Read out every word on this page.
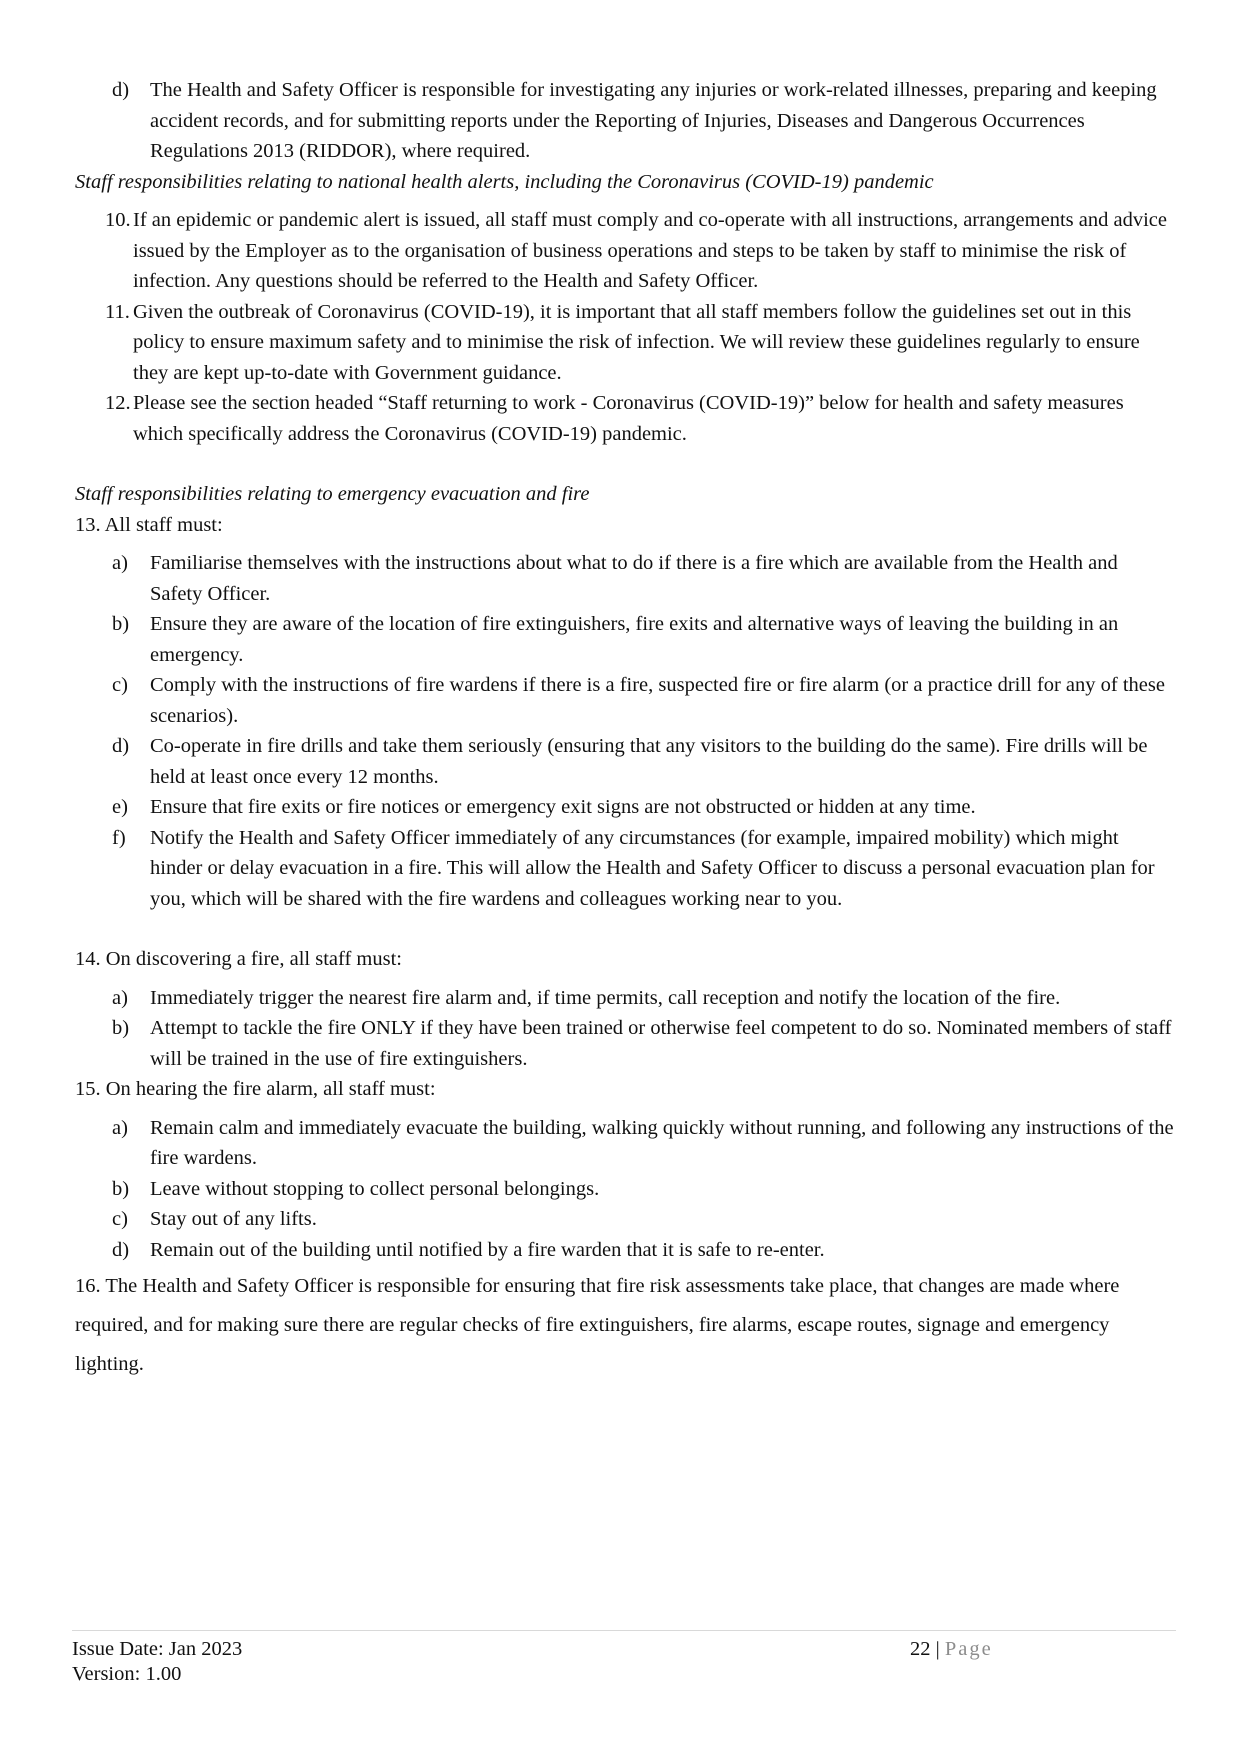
d) The Health and Safety Officer is responsible for investigating any injuries or work-related illnesses, preparing and keeping accident records, and for submitting reports under the Reporting of Injuries, Diseases and Dangerous Occurrences Regulations 2013 (RIDDOR), where required.

Staff responsibilities relating to national health alerts, including the Coronavirus (COVID-19) pandemic

10. If an epidemic or pandemic alert is issued, all staff must comply and co-operate with all instructions, arrangements and advice issued by the Employer as to the organisation of business operations and steps to be taken by staff to minimise the risk of infection. Any questions should be referred to the Health and Safety Officer.
11. Given the outbreak of Coronavirus (COVID-19), it is important that all staff members follow the guidelines set out in this policy to ensure maximum safety and to minimise the risk of infection. We will review these guidelines regularly to ensure they are kept up-to-date with Government guidance.
12. Please see the section headed “Staff returning to work - Coronavirus (COVID-19)” below for health and safety measures which specifically address the Coronavirus (COVID-19) pandemic.

Staff responsibilities relating to emergency evacuation and fire

13. All staff must:

a) Familiarise themselves with the instructions about what to do if there is a fire which are available from the Health and Safety Officer.
b) Ensure they are aware of the location of fire extinguishers, fire exits and alternative ways of leaving the building in an emergency.
c) Comply with the instructions of fire wardens if there is a fire, suspected fire or fire alarm (or a practice drill for any of these scenarios).
d) Co-operate in fire drills and take them seriously (ensuring that any visitors to the building do the same). Fire drills will be held at least once every 12 months.
e) Ensure that fire exits or fire notices or emergency exit signs are not obstructed or hidden at any time.
f) Notify the Health and Safety Officer immediately of any circumstances (for example, impaired mobility) which might hinder or delay evacuation in a fire. This will allow the Health and Safety Officer to discuss a personal evacuation plan for you, which will be shared with the fire wardens and colleagues working near to you.

14. On discovering a fire, all staff must:

a) Immediately trigger the nearest fire alarm and, if time permits, call reception and notify the location of the fire.
b) Attempt to tackle the fire ONLY if they have been trained or otherwise feel competent to do so. Nominated members of staff will be trained in the use of fire extinguishers.

15. On hearing the fire alarm, all staff must:

a) Remain calm and immediately evacuate the building, walking quickly without running, and following any instructions of the fire wardens.
b) Leave without stopping to collect personal belongings.
c) Stay out of any lifts.
d) Remain out of the building until notified by a fire warden that it is safe to re-enter.

16. The Health and Safety Officer is responsible for ensuring that fire risk assessments take place, that changes are made where required, and for making sure there are regular checks of fire extinguishers, fire alarms, escape routes, signage and emergency lighting.

Issue Date: Jan 2023
Version: 1.00
22 | Page
